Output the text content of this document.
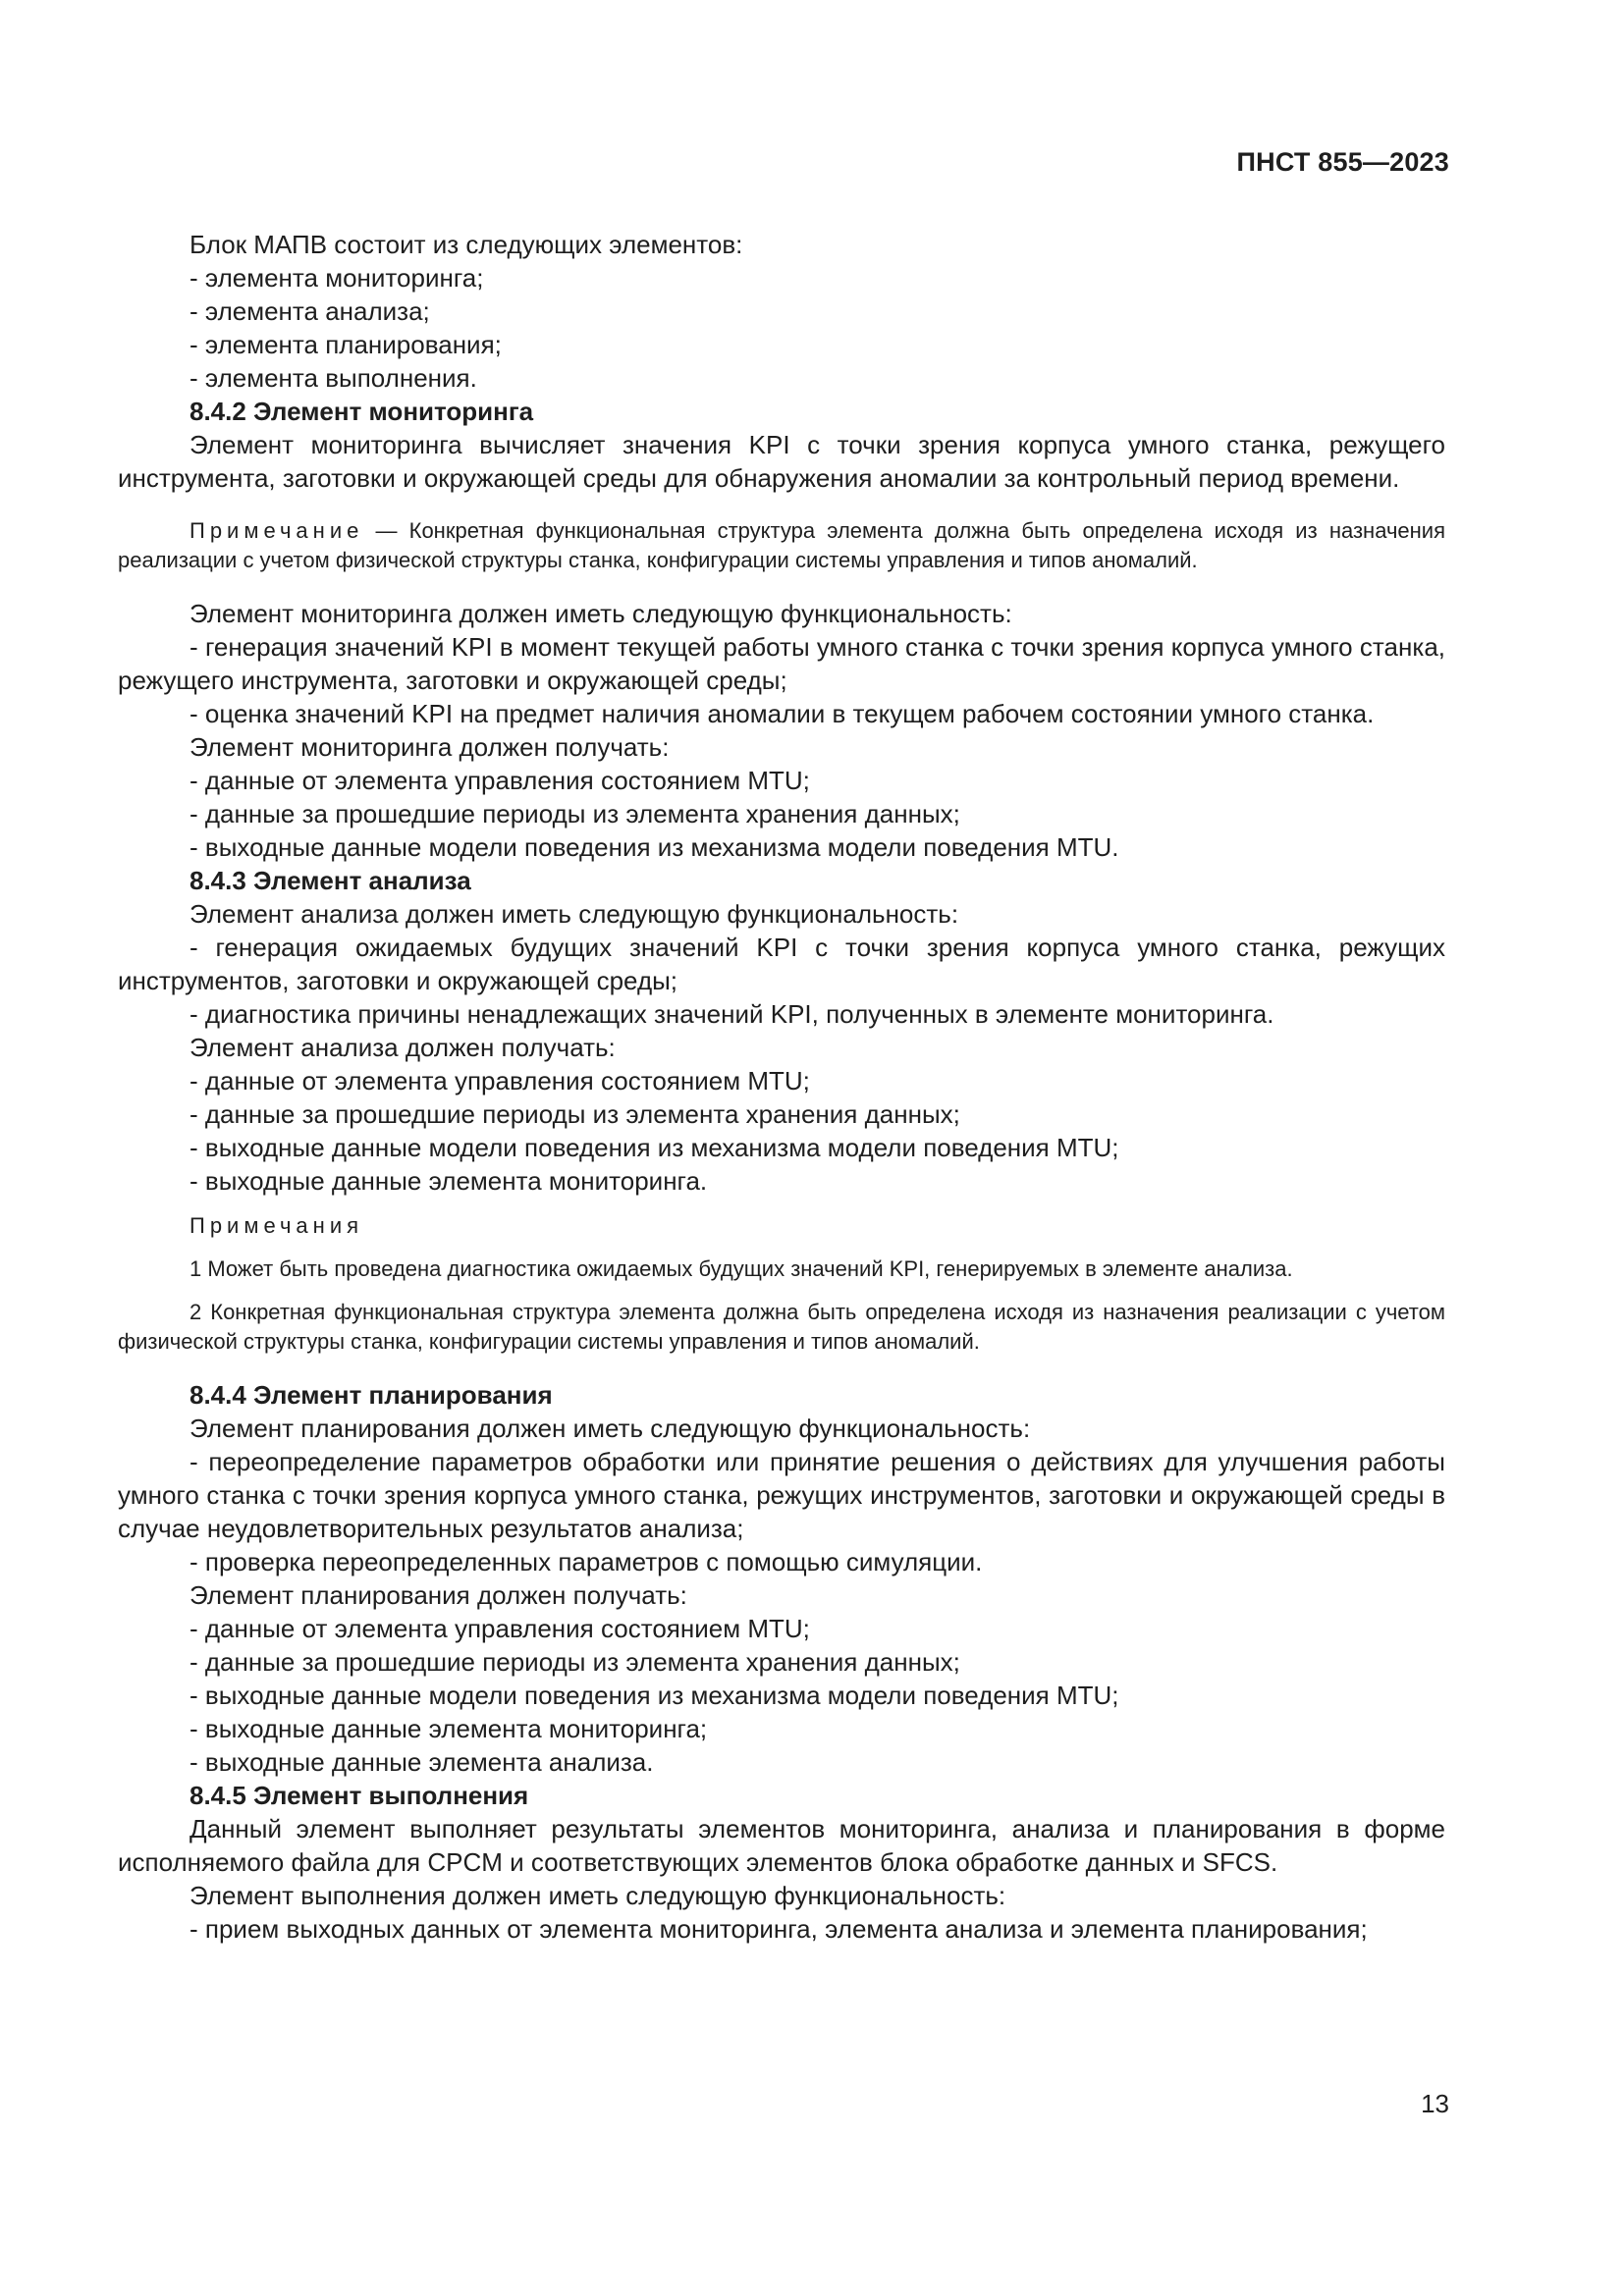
ПНСТ 855—2023

Блок МАПВ состоит из следующих элементов:

- элемента мониторинга;

- элемента анализа;

- элемента планирования;

- элемента выполнения.

8.4.2 Элемент мониторинга

Элемент мониторинга вычисляет значения KPI с точки зрения корпуса умного станка, режущего инструмента, заготовки и окружающей среды для обнаружения аномалии за контрольный период времени.

Примечание — Конкретная функциональная структура элемента должна быть определена исходя из назначения реализации с учетом физической структуры станка, конфигурации системы управления и типов аномалий.

Элемент мониторинга должен иметь следующую функциональность:

- генерация значений KPI в момент текущей работы умного станка с точки зрения корпуса умного станка, режущего инструмента, заготовки и окружающей среды;

- оценка значений KPI на предмет наличия аномалии в текущем рабочем состоянии умного станка.

Элемент мониторинга должен получать:

- данные от элемента управления состоянием MTU;

- данные за прошедшие периоды из элемента хранения данных;

- выходные данные модели поведения из механизма модели поведения MTU.

8.4.3 Элемент анализа

Элемент анализа должен иметь следующую функциональность:

- генерация ожидаемых будущих значений KPI с точки зрения корпуса умного станка, режущих инструментов, заготовки и окружающей среды;

- диагностика причины ненадлежащих значений KPI, полученных в элементе мониторинга.

Элемент анализа должен получать:

- данные от элемента управления состоянием MTU;

- данные за прошедшие периоды из элемента хранения данных;

- выходные данные модели поведения из механизма модели поведения MTU;

- выходные данные элемента мониторинга.

Примечания

1 Может быть проведена диагностика ожидаемых будущих значений KPI, генерируемых в элементе анализа.

2 Конкретная функциональная структура элемента должна быть определена исходя из назначения реализации с учетом физической структуры станка, конфигурации системы управления и типов аномалий.

8.4.4 Элемент планирования

Элемент планирования должен иметь следующую функциональность:

- переопределение параметров обработки или принятие решения о действиях для улучшения работы умного станка с точки зрения корпуса умного станка, режущих инструментов, заготовки и окружающей среды в случае неудовлетворительных результатов анализа;

- проверка переопределенных параметров с помощью симуляции.

Элемент планирования должен получать:

- данные от элемента управления состоянием MTU;

- данные за прошедшие периоды из элемента хранения данных;

- выходные данные модели поведения из механизма модели поведения MTU;

- выходные данные элемента мониторинга;

- выходные данные элемента анализа.

8.4.5 Элемент выполнения

Данный элемент выполняет результаты элементов мониторинга, анализа и планирования в форме исполняемого файла для CPCM и соответствующих элементов блока обработке данных и SFCS.

Элемент выполнения должен иметь следующую функциональность:

- прием выходных данных от элемента мониторинга, элемента анализа и элемента планирования;

13
